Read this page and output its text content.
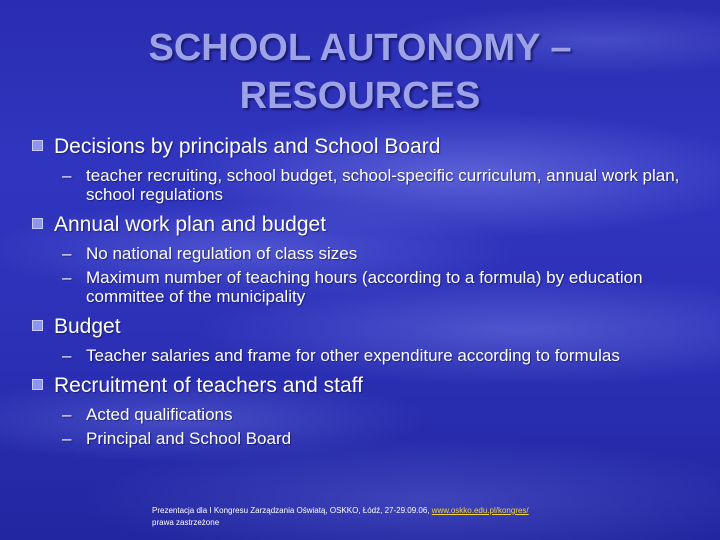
SCHOOL AUTONOMY –
RESOURCES
Decisions by principals and School Board
– teacher recruiting, school budget, school-specific curriculum, annual work plan, school regulations
Annual work plan and budget
– No national regulation of class sizes
– Maximum number of teaching hours (according to a formula) by education committee of the municipality
Budget
– Teacher salaries and frame for other expenditure according to formulas
Recruitment of teachers and staff
– Acted qualifications
– Principal and School Board
Prezentacja dla I Kongresu Zarządzania Oświatą, OSKKO, Łódź, 27-29.09.06, www.oskko.edu.pl/kongres/
prawa zastrzeżone
